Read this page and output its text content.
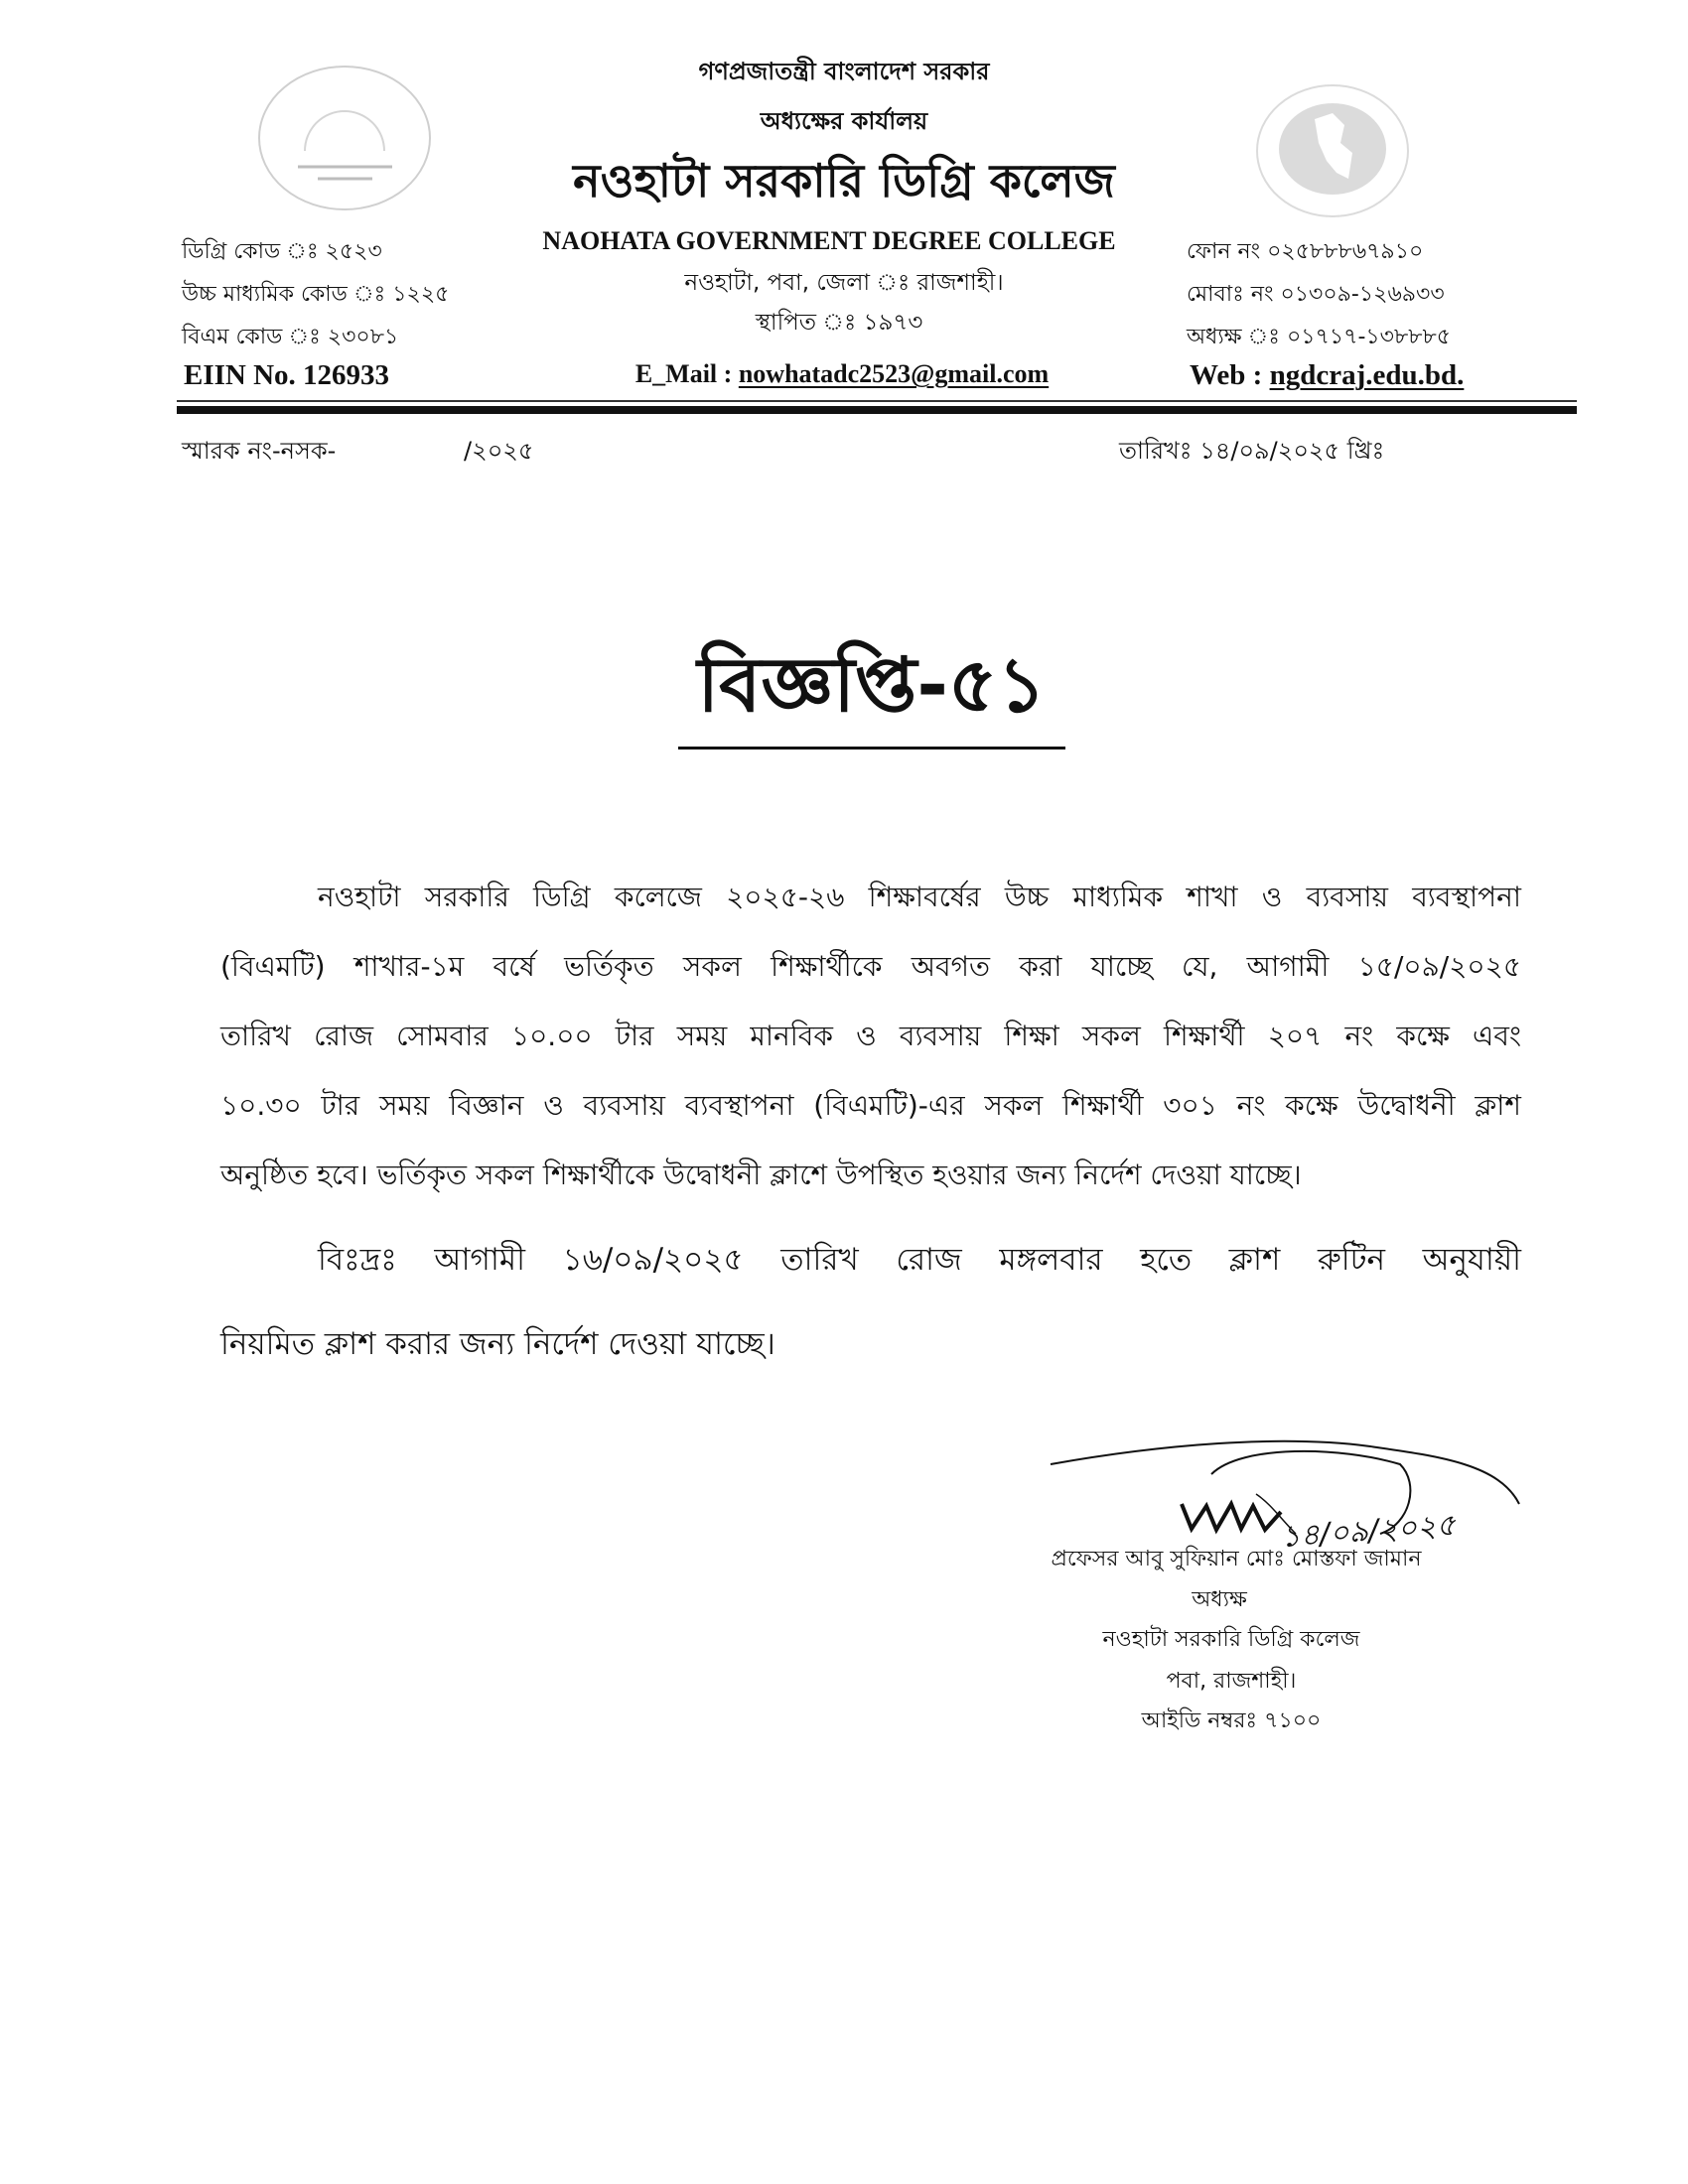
গণপ্রজাতন্ত্রী বাংলাদেশ সরকার
অধ্যক্ষের কার্যালয়
নওহাটা সরকারি ডিগ্রি কলেজ
NAOHATA GOVERNMENT DEGREE COLLEGE
নওহাটা, পবা, জেলা ঃ রাজশাহী।
স্থাপিত ঃ ১৯৭৩
E_Mail : nowhatadc2523@gmail.com
ডিগ্রি কোড ঃ ২৫২৩
উচ্চ মাধ্যমিক কোড ঃ ১২২৫
বিএম কোড ঃ ২৩০৮১
EIIN No. 126933
ফোন নং ০২৫৮৮৮৬৭৯১০
মোবাঃ নং ০১৩০৯-১২৬৯৩৩
অধ্যক্ষ ঃ ০১৭১৭-১৩৮৮৮৫
Web : ngdcraj.edu.bd.
স্মারক নং-নসক-	/২০২৫	তারিখঃ ১৪/০৯/২০২৫ খ্রিঃ
বিজ্ঞপ্তি-৫১
নওহাটা সরকারি ডিগ্রি কলেজে ২০২৫-২৬ শিক্ষাবর্ষের উচ্চ মাধ্যমিক শাখা ও ব্যবসায় ব্যবস্থাপনা
(বিএমটি) শাখার-১ম বর্ষে ভর্তিকৃত সকল শিক্ষার্থীকে অবগত করা যাচ্ছে যে, আগামী ১৫/০৯/২০২৫
তারিখ রোজ সোমবার ১০.০০ টার সময় মানবিক ও ব্যবসায় শিক্ষা সকল শিক্ষার্থী ২০৭ নং কক্ষে এবং
১০.৩০ টার সময় বিজ্ঞান ও ব্যবসায় ব্যবস্থাপনা (বিএমটি)-এর সকল শিক্ষার্থী ৩০১ নং কক্ষে উদ্বোধনী ক্লাশ
অনুষ্ঠিত হবে। ভর্তিকৃত সকল শিক্ষার্থীকে উদ্বোধনী ক্লাশে উপস্থিত হওয়ার জন্য নির্দেশ দেওয়া যাচ্ছে।
বিঃদ্রঃ আগামী ১৬/০৯/২০২৫ তারিখ রোজ মঙ্গলবার হতে ক্লাশ রুটিন অনুযায়ী
নিয়মিত ক্লাশ করার জন্য নির্দেশ দেওয়া যাচ্ছে।
১৪/০৯/২০২৫
প্রফেসর আবু সুফিয়ান মোঃ মোস্তফা জামান
অধ্যক্ষ
নওহাটা সরকারি ডিগ্রি কলেজ
পবা, রাজশাহী।
আইডি নম্বরঃ ৭১০০
